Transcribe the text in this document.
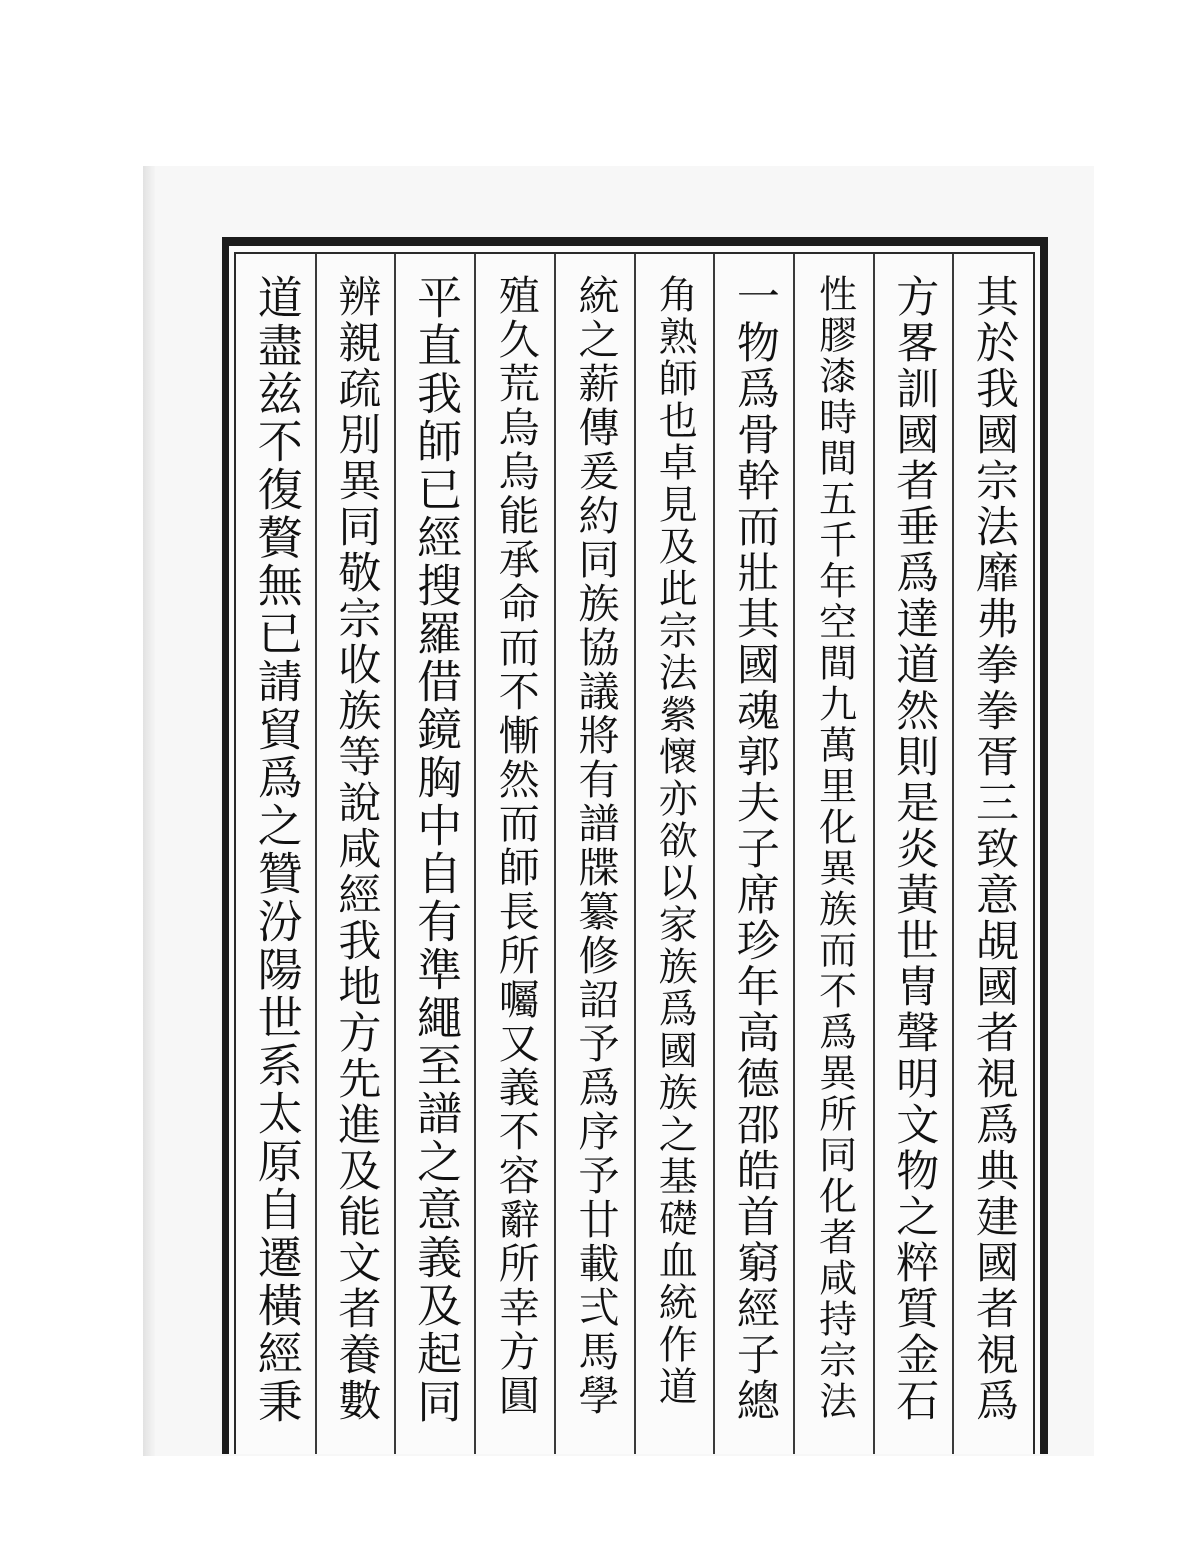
其於我國宗法靡弗拳拳胥三致意覘國者視爲典建國者視爲
方畧訓國者垂爲達道然則是炎黃世冑聲明文物之粹質金石
性膠漆時間五千年空間九萬里化異族而不爲異所同化者咸持宗法
一物爲骨幹而壯其國魂郭夫子席珍年高德邵皓首窮經子總
角熟師也卓見及此宗法縈懷亦欲以家族爲國族之基礎血統作道
統之薪傳爰約同族協議將有譜牒纂修詔予爲序予廿載弍馬學
殖久荒烏烏能承命而不慚然而師長所囑又義不容辭所幸方圓
平直我師已經搜羅借鏡胸中自有準繩至譜之意義及起同
辨親疏別異同敬宗收族等說咸經我地方先進及能文者養數
道盡兹不復贅無已請貿爲之贊汾陽世系太原自遷橫經秉
